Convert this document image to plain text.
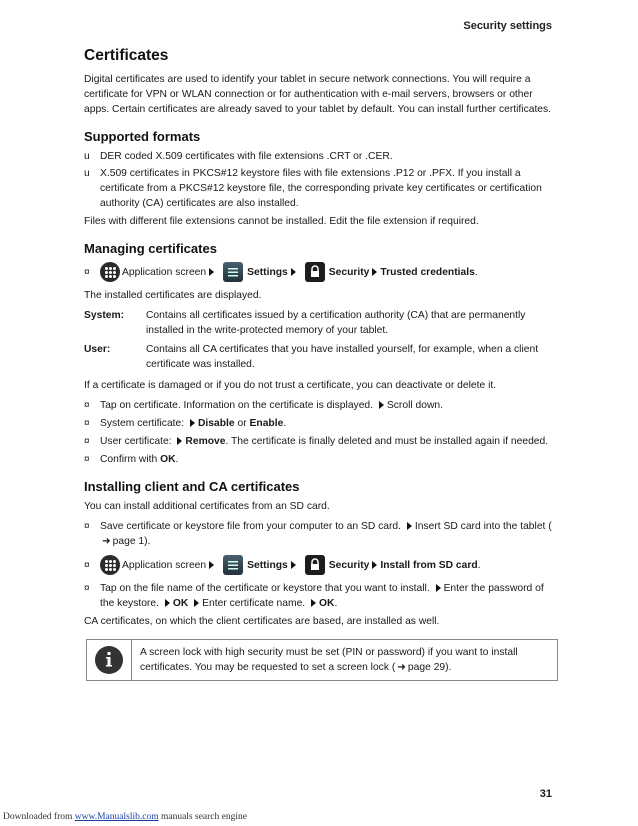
Security settings
Certificates

Digital certificates are used to identify your tablet in secure network connections. You will require a certificate for VPN or WLAN connection or for authentication with e-mail servers, browsers or other apps. Certain certificates are already saved to your tablet by default. You can install further certificates.

Supported formats
u DER coded X.509 certificates with file extensions .CRT or .CER.
u X.509 certificates in PKCS#12 keystore files with file extensions .P12 or .PFX. If you install a certificate from a PKCS#12 keystore file, the corresponding private key certificates or certification authority (CA) certificates are also installed.

Files with different file extensions cannot be installed. Edit the file extension if required.

Managing certificates
¤	Application screen	Settings	Security Trusted credentials .

The installed certificates are displayed.

System:	Contains all certificates issued by a certification authority (CA) that are permanently installed in the write-protected memory of your tablet.
User:	Contains all CA certificates that you have installed yourself, for example, when a client certificate was installed.

If a certificate is damaged or if you do not trust a certificate, you can deactivate or delete it.

¤	Tap on certificate. Information on the certificate is displayed. Scroll down.
¤	System certificate: Disable or Enable.
¤	User certificate: Remove. The certificate is finally deleted and must be installed again if needed.
¤	Confirm with OK.
Installing client and CA certificates

You can install additional certificates from an SD card.

¤	Save certificate or keystore file from your computer to an SD card. Insert SD card into the tablet (➜ page 1).
¤	Application screen	Settings	Security Install from SD card .
¤	Tap on the file name of the certificate or keystore that you want to install. Enter the password of the keystore. OK Enter certificate name. OK.

CA certificates, on which the client certificates are based, are installed as well.

A screen lock with high security must be set (PIN or password) if you want to install certificates. You may be requested to set a screen lock ( ➜ page 29).
31
Downloaded from www.Manualslib.com manuals search engine
